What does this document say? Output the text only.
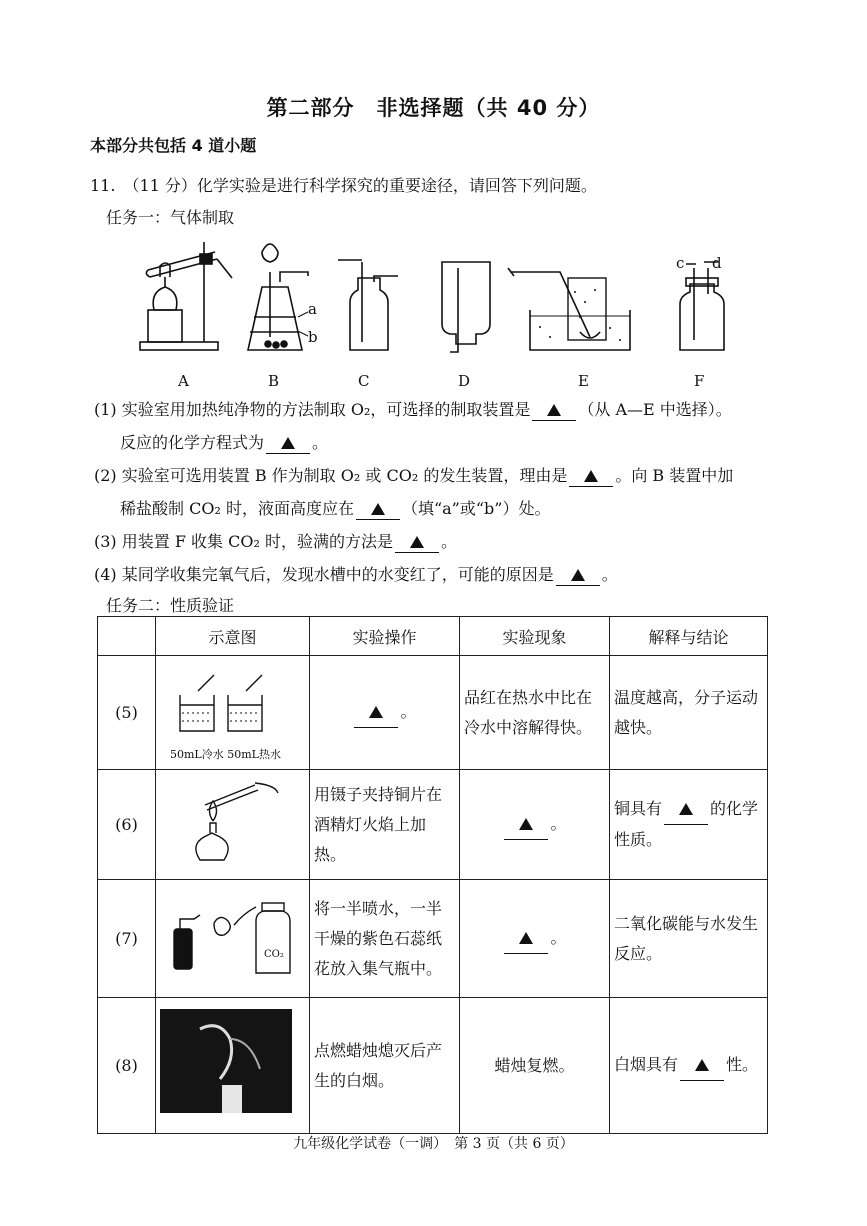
第二部分　非选择题（共 40 分）
本部分共包括 4 道小题
11.　（11 分）化学实验是进行科学探究的重要途径，请回答下列问题。
任务一：气体制取
a
b
c d
A	B	C	D	E	F
(1) 实验室用加热纯净物的方法制取 O₂，可选择的制取装置是	（从 A—E 中选择）。
反应的化学方程式为	。
(2) 实验室可选用装置 B 作为制取 O₂ 或 CO₂ 的发生装置，理由是	。向 B 装置中加
稀盐酸制 CO₂ 时，液面高度应在	（填“a”或“b”）处。
(3) 用装置 F 收集 CO₂ 时，验满的方法是	。
(4) 某同学收集完氧气后，发现水槽中的水变红了，可能的原因是	。
任务二：性质验证
	示意图	实验操作	实验现象	解释与结论
(5)	50mL冷水 50mL热水	。	品红在热水中比在冷水中溶解得快。	温度越高，分子运动越快。
(6)		用镊子夹持铜片在酒精灯火焰上加热。	。	铜具有 的化学性质。
(7)	CO₂	将一半喷水，一半干燥的紫色石蕊纸花放入集气瓶中。	。	二氧化碳能与水发生反应。
(8)		点燃蜡烛熄灭后产生的白烟。	蜡烛复燃。	白烟具有 性。
九年级化学试卷（一调）　第 3 页（共 6 页）
